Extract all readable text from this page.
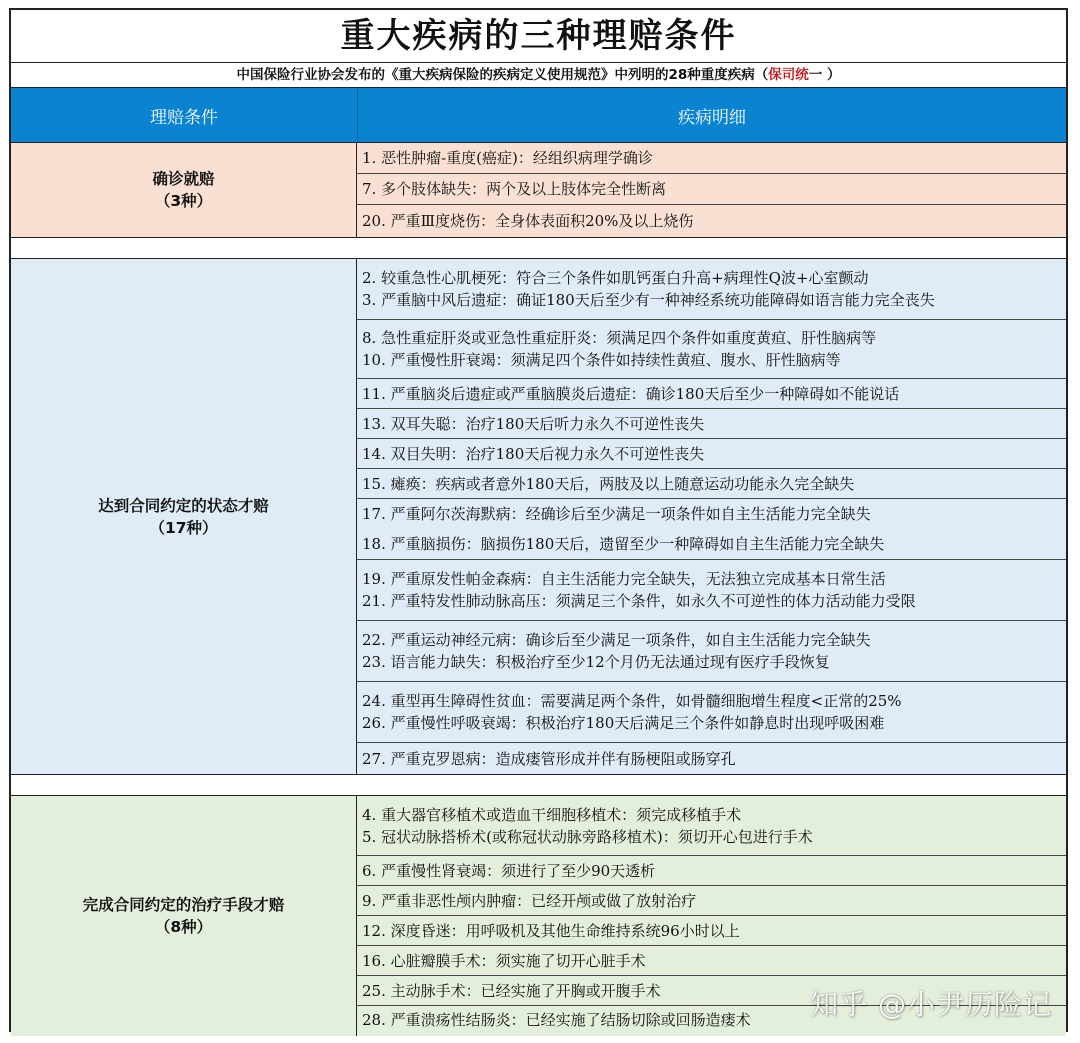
重大疾病的三种理赔条件
中国保险行业协会发布的《重大疾病保险的疾病定义使用规范》中列明的28种重度疾病（保司统一 ）
理赔条件	疾病明细
确诊就赔
（3种）
1. 恶性肿瘤-重度(癌症)：经组织病理学确诊
7. 多个肢体缺失：两个及以上肢体完全性断离
20. 严重Ⅲ度烧伤：全身体表面积20%及以上烧伤
达到合同约定的状态才赔
（17种）
2. 较重急性心肌梗死：符合三个条件如肌钙蛋白升高+病理性Q波+心室颤动
3. 严重脑中风后遗症：确证180天后至少有一种神经系统功能障碍如语言能力完全丧失
8. 急性重症肝炎或亚急性重症肝炎：须满足四个条件如重度黄疸、肝性脑病等
10. 严重慢性肝衰竭：须满足四个条件如持续性黄疸、腹水、肝性脑病等
11. 严重脑炎后遗症或严重脑膜炎后遗症：确诊180天后至少一种障碍如不能说话
13. 双耳失聪：治疗180天后听力永久不可逆性丧失
14. 双目失明：治疗180天后视力永久不可逆性丧失
15. 瘫痪：疾病或者意外180天后，两肢及以上随意运动功能永久完全缺失
17. 严重阿尔茨海默病：经确诊后至少满足一项条件如自主生活能力完全缺失
18. 严重脑损伤：脑损伤180天后，遗留至少一种障碍如自主生活能力完全缺失
19. 严重原发性帕金森病：自主生活能力完全缺失，无法独立完成基本日常生活
21. 严重特发性肺动脉高压：须满足三个条件，如永久不可逆性的体力活动能力受限
22. 严重运动神经元病：确诊后至少满足一项条件，如自主生活能力完全缺失
23. 语言能力缺失：积极治疗至少12个月仍无法通过现有医疗手段恢复
24. 重型再生障碍性贫血：需要满足两个条件，如骨髓细胞增生程度<正常的25%
26. 严重慢性呼吸衰竭：积极治疗180天后满足三个条件如静息时出现呼吸困难
27. 严重克罗恩病：造成瘘管形成并伴有肠梗阻或肠穿孔
完成合同约定的治疗手段才赔
（8种）
4. 重大器官移植术或造血干细胞移植术：须完成移植手术
5. 冠状动脉搭桥术(或称冠状动脉旁路移植术)：须切开心包进行手术
6. 严重慢性肾衰竭：须进行了至少90天透析
9. 严重非恶性颅内肿瘤：已经开颅或做了放射治疗
12. 深度昏迷：用呼吸机及其他生命维持系统96小时以上
16. 心脏瓣膜手术：须实施了切开心脏手术
25. 主动脉手术：已经实施了开胸或开腹手术
28. 严重溃疡性结肠炎：已经实施了结肠切除或回肠造瘘术	知乎 @小尹历险记
